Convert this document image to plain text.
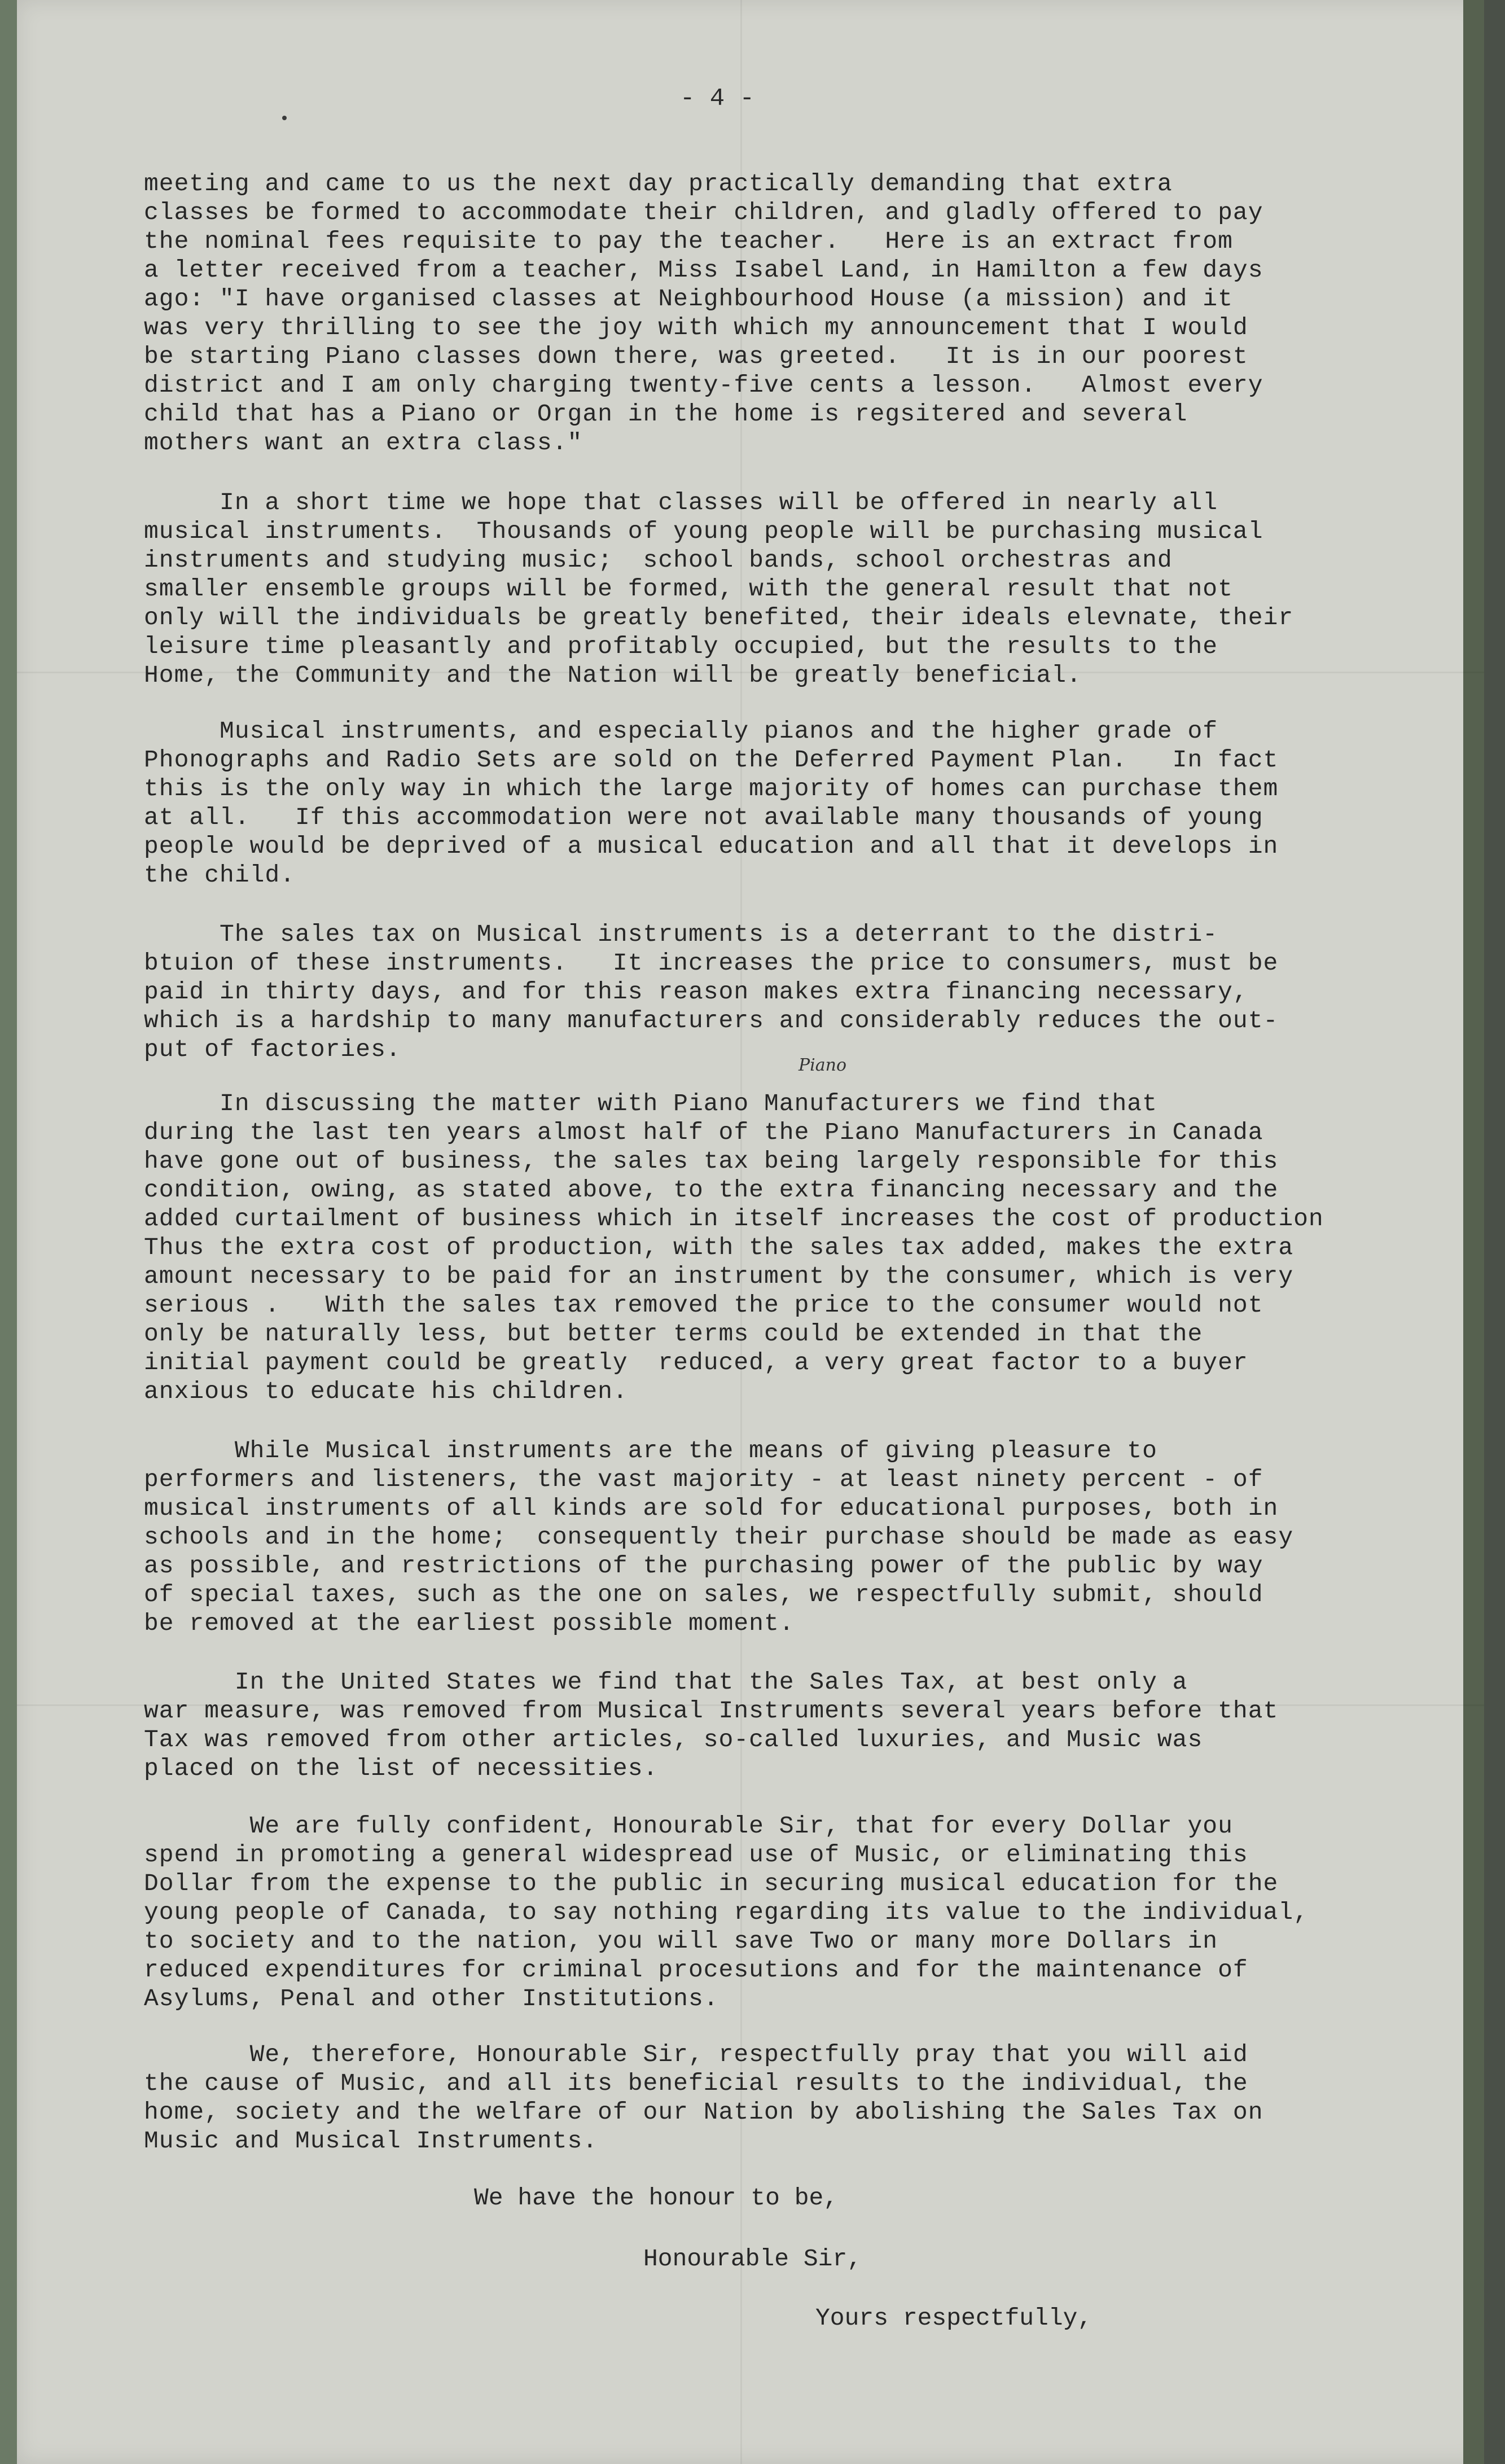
- 4 -
Piano
meeting and came to us the next day practically demanding that extra
classes be formed to accommodate their children, and gladly offered to pay
the nominal fees requisite to pay the teacher.   Here is an extract from
a letter received from a teacher, Miss Isabel Land, in Hamilton a few days
ago: "I have organised classes at Neighbourhood House (a mission) and it
was very thrilling to see the joy with which my announcement that I would
be starting Piano classes down there, was greeted.   It is in our poorest
district and I am only charging twenty-five cents a lesson.   Almost every
child that has a Piano or Organ in the home is regsitered and several
mothers want an extra class."
In a short time we hope that classes will be offered in nearly all
musical instruments.  Thousands of young people will be purchasing musical
instruments and studying music;  school bands, school orchestras and
smaller ensemble groups will be formed, with the general result that not
only will the individuals be greatly benefited, their ideals elevnate, their
leisure time pleasantly and profitably occupied, but the results to the
Home, the Community and the Nation will be greatly beneficial.
Musical instruments, and especially pianos and the higher grade of
Phonographs and Radio Sets are sold on the Deferred Payment Plan.   In fact
this is the only way in which the large majority of homes can purchase them
at all.   If this accommodation were not available many thousands of young
people would be deprived of a musical education and all that it develops in
the child.
The sales tax on Musical instruments is a deterrant to the distri-
btuion of these instruments.   It increases the price to consumers, must be
paid in thirty days, and for this reason makes extra financing necessary,
which is a hardship to many manufacturers and considerably reduces the out-
put of factories.
In discussing the matter with Piano Manufacturers we find that
during the last ten years almost half of the Piano Manufacturers in Canada
have gone out of business, the sales tax being largely responsible for this
condition, owing, as stated above, to the extra financing necessary and the
added curtailment of business which in itself increases the cost of production
Thus the extra cost of production, with the sales tax added, makes the extra
amount necessary to be paid for an instrument by the consumer, which is very
serious .   With the sales tax removed the price to the consumer would not
only be naturally less, but better terms could be extended in that the
initial payment could be greatly  reduced, a very great factor to a buyer
anxious to educate his children.
While Musical instruments are the means of giving pleasure to
performers and listeners, the vast majority - at least ninety percent - of
musical instruments of all kinds are sold for educational purposes, both in
schools and in the home;  consequently their purchase should be made as easy
as possible, and restrictions of the purchasing power of the public by way
of special taxes, such as the one on sales, we respectfully submit, should
be removed at the earliest possible moment.
In the United States we find that the Sales Tax, at best only a
war measure, was removed from Musical Instruments several years before that
Tax was removed from other articles, so-called luxuries, and Music was
placed on the list of necessities.
We are fully confident, Honourable Sir, that for every Dollar you
spend in promoting a general widespread use of Music, or eliminating this
Dollar from the expense to the public in securing musical education for the
young people of Canada, to say nothing regarding its value to the individual,
to society and to the nation, you will save Two or many more Dollars in
reduced expenditures for criminal procesutions and for the maintenance of
Asylums, Penal and other Institutions.
We, therefore, Honourable Sir, respectfully pray that you will aid
the cause of Music, and all its beneficial results to the individual, the
home, society and the welfare of our Nation by abolishing the Sales Tax on
Music and Musical Instruments.
We have the honour to be,
Honourable Sir,
Yours respectfully,
